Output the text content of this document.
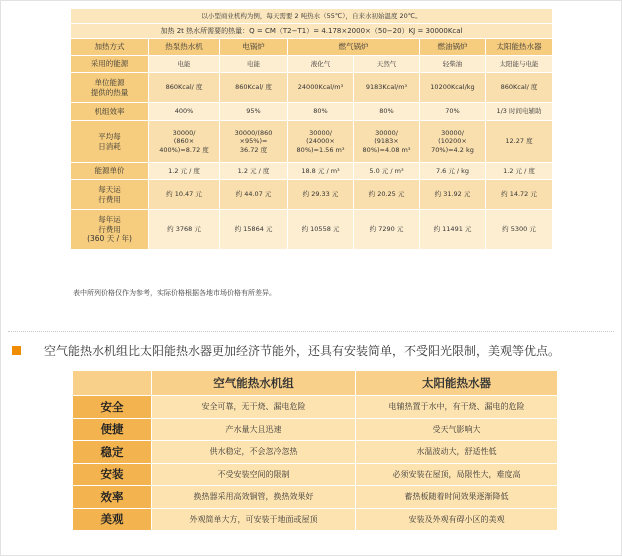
以小型商业机构为例，每天需要 2 吨热水（55℃），自来水初始温度 20℃。						
加热 2t 热水所需要的热量：Q = CM（T2−T1）= 4.178×2000×（50−20）KJ = 30000Kcal						
加热方式	热泵热水机	电锅炉	燃气锅炉		燃油锅炉	太阳能热水器
采用的能源	电能	电能	液化气	天然气	轻柴油	太阳能与电能
单位能源
提供的热量	860Kcal/ 度	860Kcal/ 度	24000Kcal/m³	9183Kcal/m³	10200Kcal/kg	860Kcal/ 度
机组效率	400%	95%	80%	80%	70%	1/3 时间电辅助
平均每
日消耗	30000/
(860×
400%)=8.72 度	30000/(860
×95%)=
36.72 度	30000/
(24000×
80%)=1.56 m³	30000/
(9183×
80%)=4.08 m³	30000/
(10200×
70%)=4.2 kg	12.27 度
能源单价	1.2 元 / 度	1.2 元 / 度	18.8 元 / m³	5.0 元 / m³	7.6 元 / kg	1.2 元 / 度
每天运
行费用	约 10.47 元	约 44.07 元	约 29.33 元	约 20.25 元	约 31.92 元	约 14.72 元
每年运
行费用
(360 天 / 年)	约 3768 元	约 15864 元	约 10558 元	约 7290 元	约 11491 元	约 5300 元
表中所列价格仅作为参考，实际价格根据各地市场价格有所差异。
空气能热水机组比太阳能热水器更加经济节能外，还具有安装简单，不受阳光限制，美观等优点。
	空气能热水机组	太阳能热水器
安全	安全可靠，无干烧、漏电危险	电辅热置于水中，有干烧、漏电的危险
便捷	产水量大且迅速	受天气影响大
稳定	供水稳定，不会忽冷忽热	水温波动大，舒适性低
安装	不受安装空间的限制	必须安装在屋顶，局限性大，难度高
效率	换热器采用高效铜管，换热效果好	蓄热板随着时间效果逐渐降低
美观	外观简单大方，可安装于地面或屋顶	安装及外观有碍小区的美观
